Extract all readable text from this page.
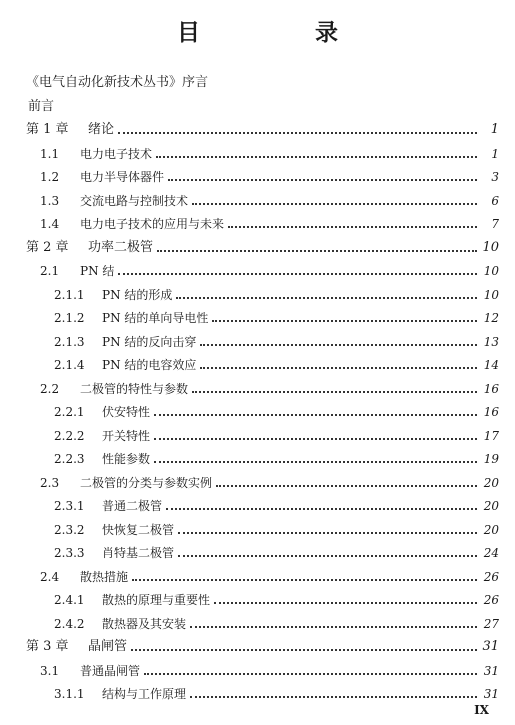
目　录
《电气自动化新技术丛书》序言
前言
第 1 章	绪论	1
1.1	电力电子技术	1
1.2	电力半导体器件	3
1.3	交流电路与控制技术	6
1.4	电力电子技术的应用与未来	7
第 2 章	功率二极管	10
2.1	PN 结	10
2.1.1	PN 结的形成	10
2.1.2	PN 结的单向导电性	12
2.1.3	PN 结的反向击穿	13
2.1.4	PN 结的电容效应	14
2.2	二极管的特性与参数	16
2.2.1	伏安特性	16
2.2.2	开关特性	17
2.2.3	性能参数	19
2.3	二极管的分类与参数实例	20
2.3.1	普通二极管	20
2.3.2	快恢复二极管	20
2.3.3	肖特基二极管	24
2.4	散热措施	26
2.4.1	散热的原理与重要性	26
2.4.2	散热器及其安装	27
第 3 章	晶闸管	31
3.1	普通晶闸管	31
3.1.1	结构与工作原理	31
IX
